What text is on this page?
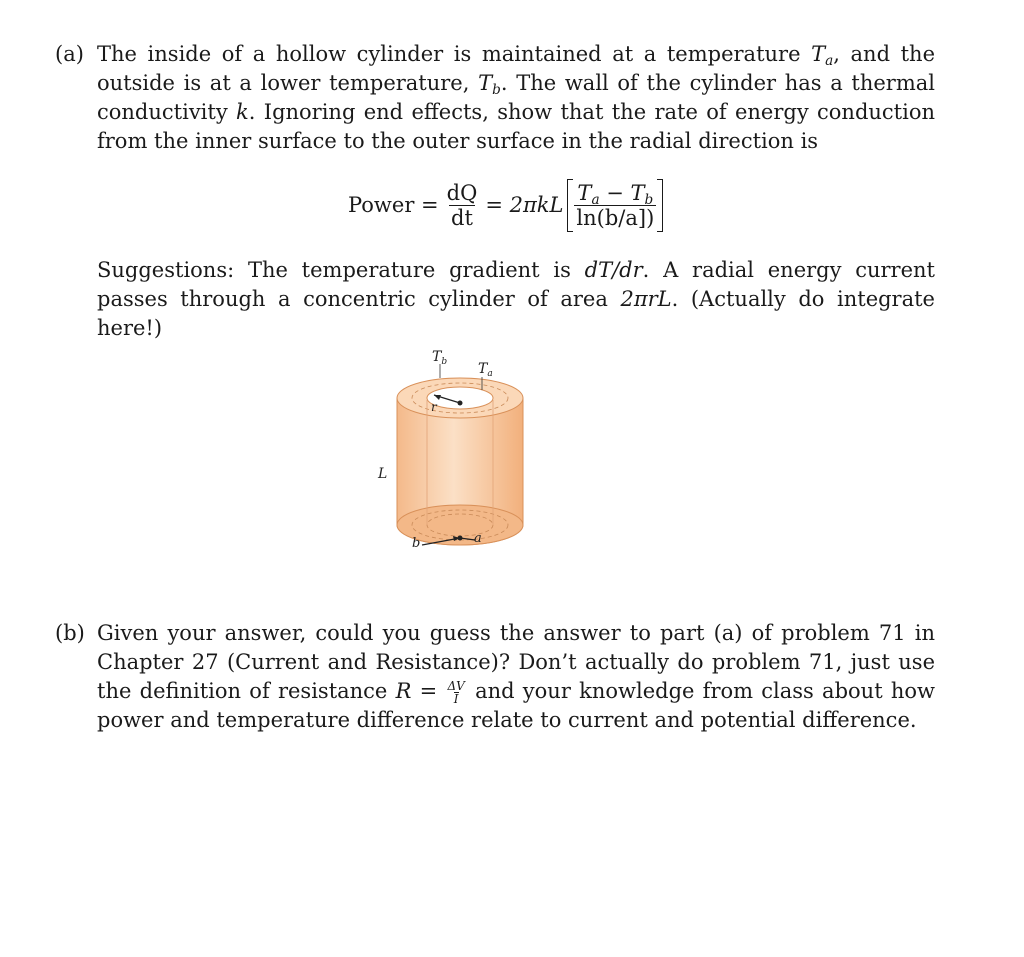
(a) The inside of a hollow cylinder is maintained at a temperature $T_a$, and the outside is at a lower temperature, $T_b$. The wall of the cylinder has a thermal conductivity k. Ignoring end effects, show that the rate of energy conduction from the inner surface to the outer surface in the radial direction is
Power = $\frac{dQ}{dt} = 2\pi kL \frac{T_a - T_b}{\ln(b/a])}$
Suggestions: The temperature gradient is dT/dr. A radial energy current passes through a concentric cylinder of area 2πrL. (Actually do integrate here!)
$T_b$ $T_a$
r
L
b	a
(b) Given your answer, could you guess the answer to part (a) of problem 71 in Chapter 27 (Current and Resistance)? Don’t actually do problem 71, just use the definition of resistance $R = \frac{\Delta V}{I}$ and your knowledge from class about how power and temperature difference relate to current and potential difference.
